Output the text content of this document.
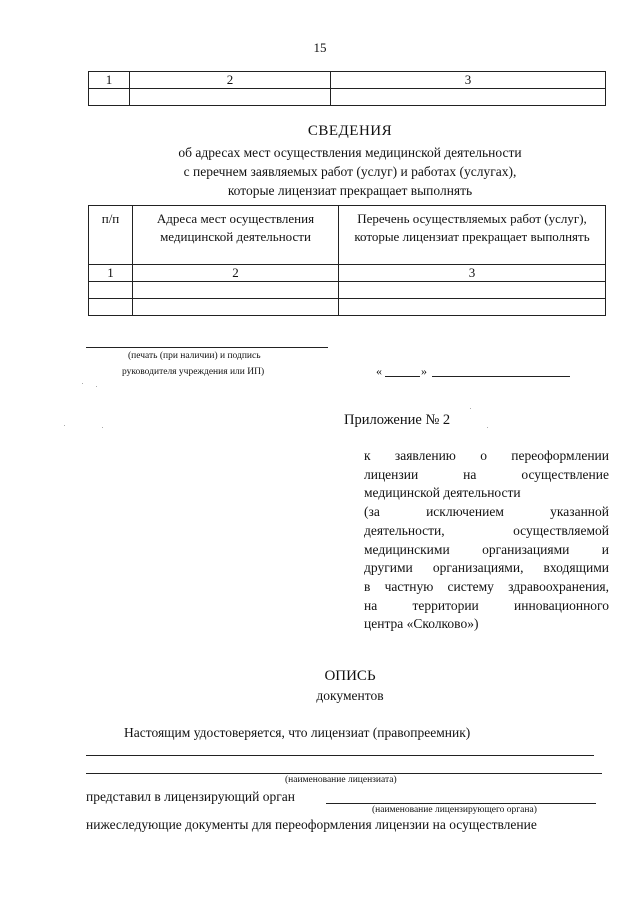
15
1	2	3

СВЕДЕНИЯ
об адресах мест осуществления медицинской деятельности
с перечнем заявляемых работ (услуг) и работах (услугах),
которые лицензиат прекращает выполнять
п/п	Адреса мест осуществления медицинской деятельности	Перечень осуществляемых работ (услуг), которые лицензиат прекращает выполнять
1	2	3

(печать (при наличии) и подпись
руководителя учреждения или ИП)	«	»
Приложение № 2
к заявлению о переоформлении
лицензии на осуществление
медицинской деятельности
(за исключением указанной
деятельности, осуществляемой
медицинскими организациями и
другими организациями, входящими
в частную систему здравоохранения,
на территории инновационного
центра «Сколково»)
ОПИСЬ
документов
Настоящим удостоверяется, что лицензиат (правопреемник)
(наименование лицензиата)
представил в лицензирующий орган
(наименование лицензирующего органа)
нижеследующие документы для переоформления лицензии на осуществление
